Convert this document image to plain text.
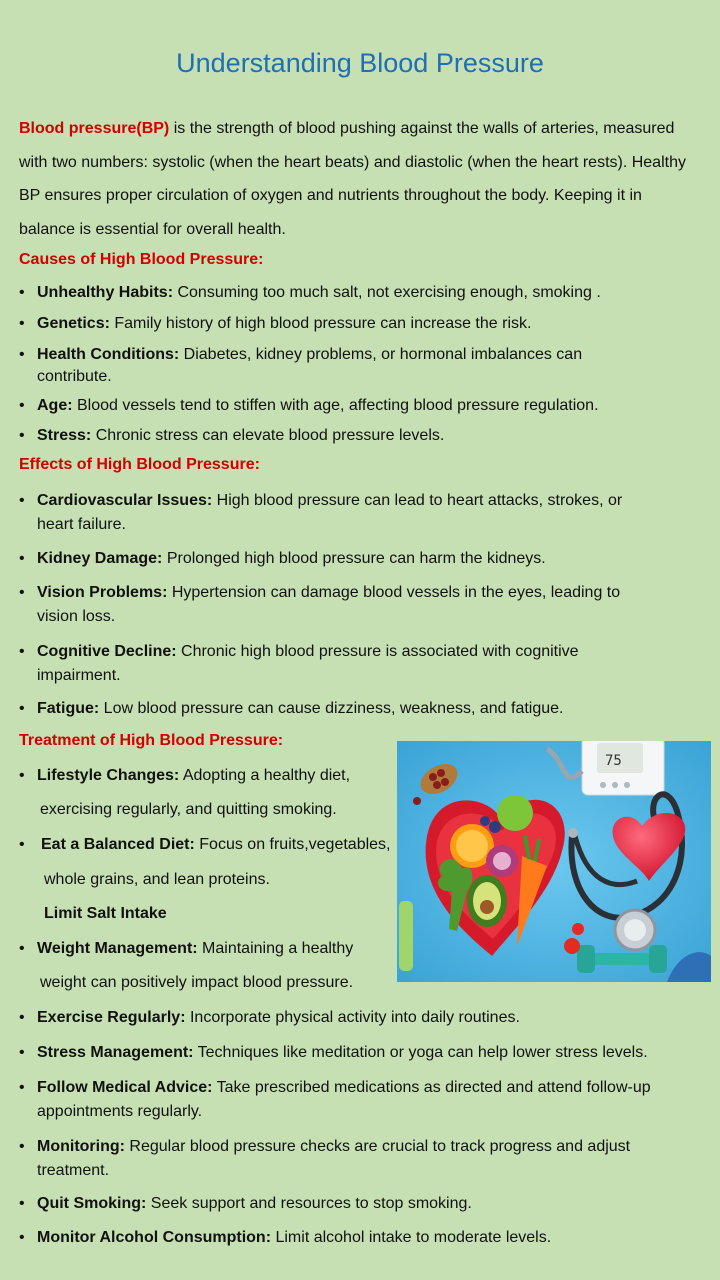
Understanding Blood Pressure
Blood pressure(BP) is the strength of blood pushing against the walls of arteries, measured with two numbers: systolic (when the heart beats) and diastolic (when the heart rests). Healthy BP ensures proper circulation of oxygen and nutrients throughout the body. Keeping it in balance is essential for overall health.
Causes of High Blood Pressure:
• Unhealthy Habits: Consuming too much salt, not exercising enough, smoking .
• Genetics: Family history of high blood pressure can increase the risk.
• Health Conditions: Diabetes, kidney problems, or hormonal imbalances can contribute.
• Age: Blood vessels tend to stiffen with age, affecting blood pressure regulation.
• Stress: Chronic stress can elevate blood pressure levels.
Effects of High Blood Pressure:
• Cardiovascular Issues: High blood pressure can lead to heart attacks, strokes, or heart failure.
• Kidney Damage: Prolonged high blood pressure can harm the kidneys.
• Vision Problems: Hypertension can damage blood vessels in the eyes, leading to vision loss.
• Cognitive Decline: Chronic high blood pressure is associated with cognitive impairment.
• Fatigue: Low blood pressure can cause dizziness, weakness, and fatigue.
Treatment of High Blood Pressure:
• Lifestyle Changes: Adopting a healthy diet,
exercising regularly, and quitting smoking.
• Eat a Balanced Diet: Focus on fruits,vegetables,
whole grains, and lean proteins.
Limit Salt Intake
• Weight Management: Maintaining a healthy
weight can positively impact blood pressure.
• Exercise Regularly: Incorporate physical activity into daily routines.
• Stress Management: Techniques like meditation or yoga can help lower stress levels.
• Follow Medical Advice: Take prescribed medications as directed and attend follow-up appointments regularly.
• Monitoring: Regular blood pressure checks are crucial to track progress and adjust treatment.
• Quit Smoking: Seek support and resources to stop smoking.
• Monitor Alcohol Consumption: Limit alcohol intake to moderate levels.
75
